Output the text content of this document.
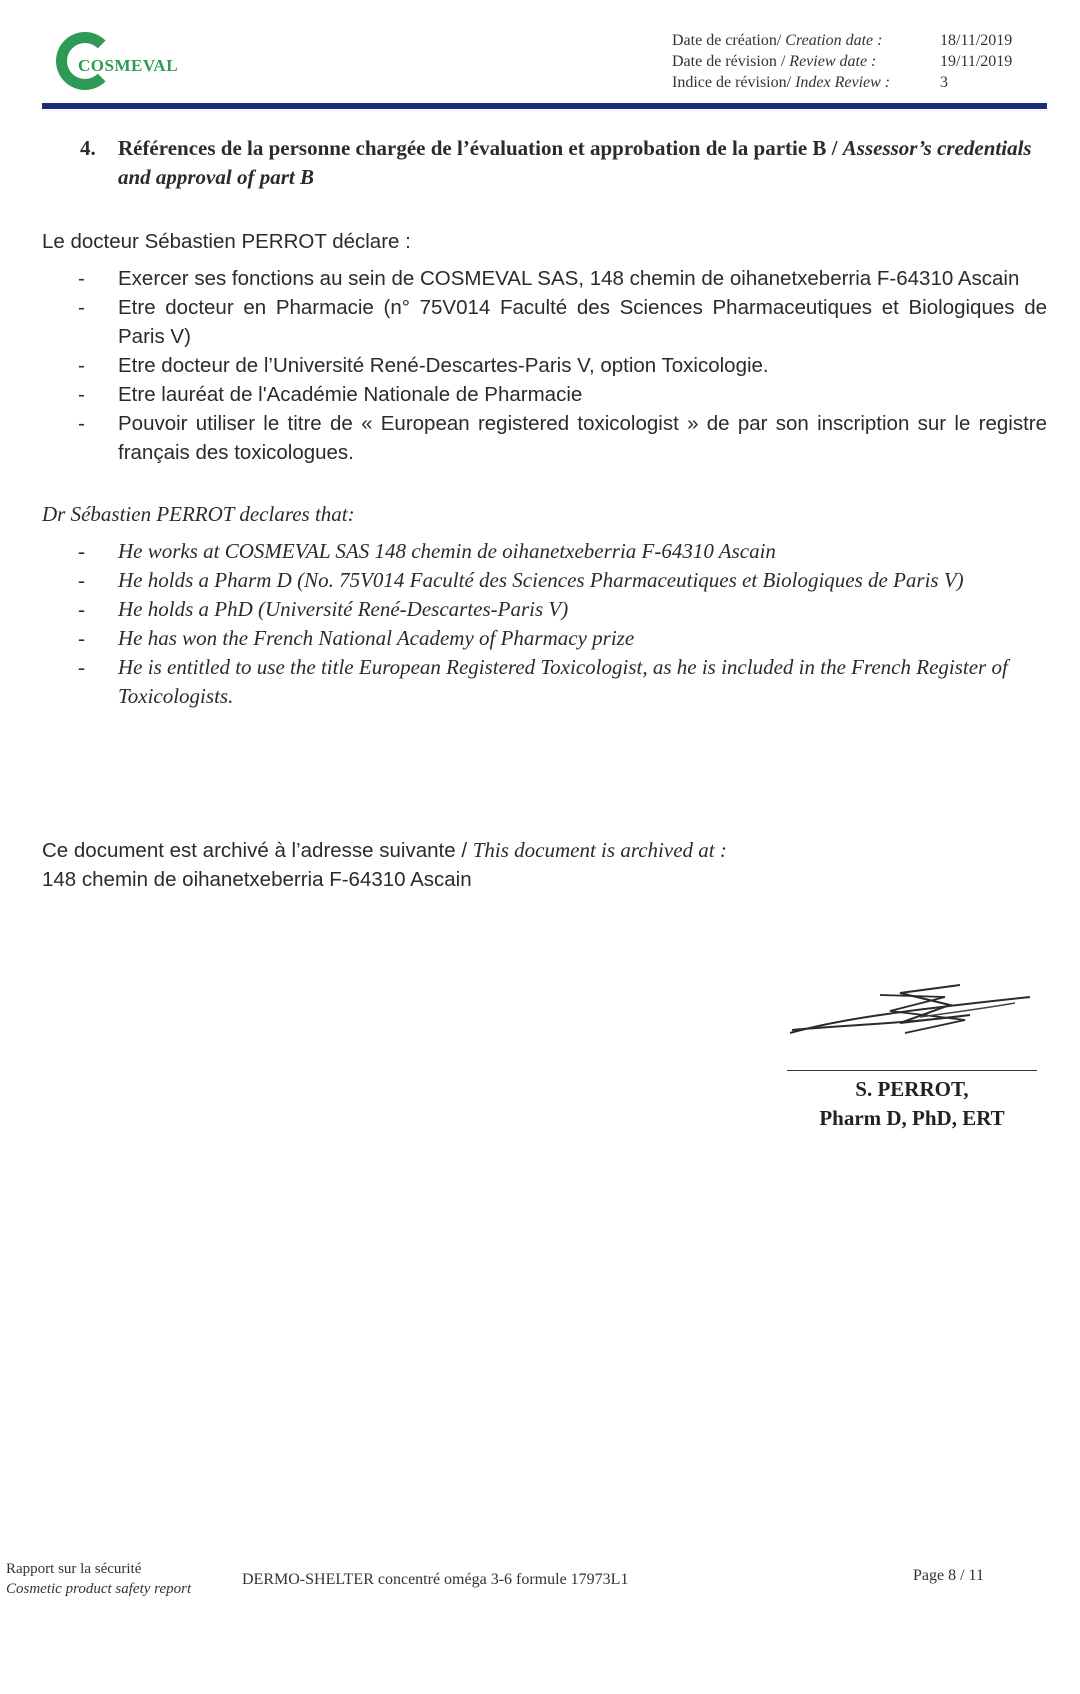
COSMEVAL
Date de création/ Creation date :	18/11/2019
Date de révision / Review date :	19/11/2019
Indice de révision/ Index Review :	3
4.	Références de la personne chargée de l’évaluation et approbation de la partie B / Assessor’s credentials and approval of part B
Le docteur Sébastien PERROT déclare :
- Exercer ses fonctions au sein de COSMEVAL SAS, 148 chemin de oihanetxeberria F-64310 Ascain
- Etre docteur en Pharmacie (n° 75V014 Faculté des Sciences Pharmaceutiques et Biologiques de Paris V)
- Etre docteur de l’Université René-Descartes-Paris V, option Toxicologie.
- Etre lauréat de l'Académie Nationale de Pharmacie
- Pouvoir utiliser le titre de « European registered toxicologist » de par son inscription sur le registre français des toxicologues.
Dr Sébastien PERROT declares that:
- He works at COSMEVAL SAS 148 chemin de oihanetxeberria F-64310 Ascain
- He holds a Pharm D (No. 75V014 Faculté des Sciences Pharmaceutiques et Biologiques de Paris V)
- He holds a PhD (Université René-Descartes-Paris V)
- He has won the French National Academy of Pharmacy prize
- He is entitled to use the title European Registered Toxicologist, as he is included in the French Register of Toxicologists.
Ce document est archivé à l’adresse suivante / This document is archived at :
148 chemin de oihanetxeberria F-64310 Ascain
S. PERROT,
Pharm D, PhD, ERT
Rapport sur la sécurité
Cosmetic product safety report
DERMO-SHELTER concentré oméga 3-6 formule 17973L1	Page 8 / 11
